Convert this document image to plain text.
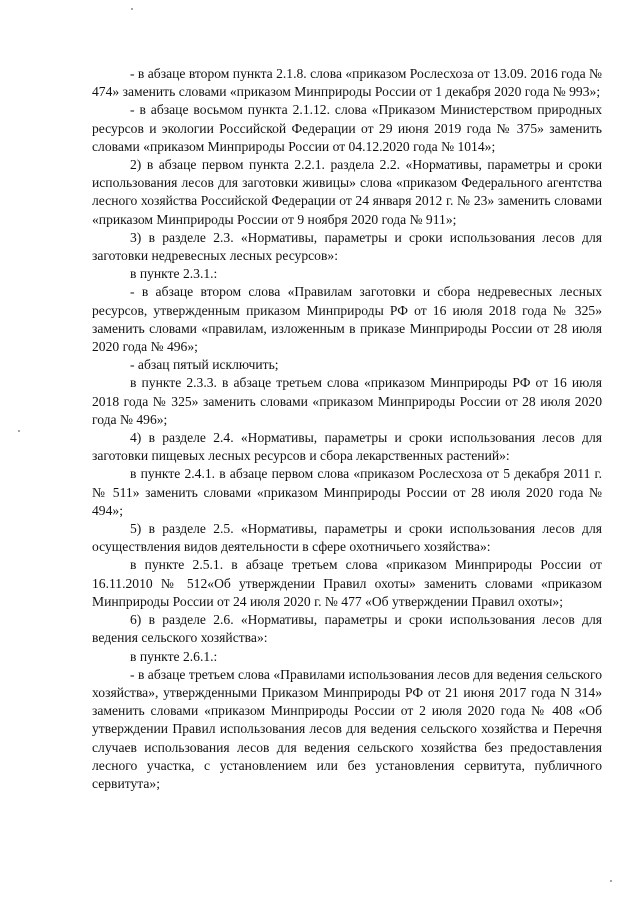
- в абзаце втором пункта 2.1.8. слова «приказом Рослесхоза от 13.09. 2016 года № 474» заменить словами «приказом Минприроды России от 1 декабря 2020 года № 993»;

- в абзаце восьмом пункта 2.1.12. слова «Приказом Министерством природных ресурсов и экологии Российской Федерации от 29 июня 2019 года № 375» заменить словами «приказом Минприроды России от 04.12.2020 года № 1014»;

2) в абзаце первом пункта 2.2.1. раздела 2.2. «Нормативы, параметры и сроки использования лесов для заготовки живицы» слова «приказом Федерального агентства лесного хозяйства Российской Федерации от 24 января 2012 г. № 23» заменить словами «приказом Минприроды России от 9 ноября 2020 года № 911»;

3) в разделе 2.3. «Нормативы, параметры и сроки использования лесов для заготовки недревесных лесных ресурсов»:

в пункте 2.3.1.:

- в абзаце втором слова «Правилам заготовки и сбора недревесных лесных ресурсов, утвержденным приказом Минприроды РФ от 16 июля 2018 года № 325» заменить словами «правилам, изложенным в приказе Минприроды России от 28 июля 2020 года № 496»;

- абзац пятый исключить;

в пункте 2.3.3. в абзаце третьем слова «приказом Минприроды РФ от 16 июля 2018 года № 325» заменить словами «приказом Минприроды России от 28 июля 2020 года № 496»;

4) в разделе 2.4. «Нормативы, параметры и сроки использования лесов для заготовки пищевых лесных ресурсов и сбора лекарственных растений»:

в пункте 2.4.1. в абзаце первом слова «приказом Рослесхоза от 5 декабря 2011 г. № 511» заменить словами «приказом Минприроды России от 28 июля 2020 года № 494»;

5) в разделе 2.5. «Нормативы, параметры и сроки использования лесов для осуществления видов деятельности в сфере охотничьего хозяйства»:

в пункте 2.5.1. в абзаце третьем слова «приказом Минприроды России от 16.11.2010 № 512«Об утверждении Правил охоты» заменить словами «приказом Минприроды России от 24 июля 2020 г. № 477 «Об утверждении Правил охоты»;

6) в разделе 2.6. «Нормативы, параметры и сроки использования лесов для ведения сельского хозяйства»:

в пункте 2.6.1.:

- в абзаце третьем слова «Правилами использования лесов для ведения сельского хозяйства», утвержденными Приказом Минприроды РФ от 21 июня 2017 года N 314» заменить словами «приказом Минприроды России от 2 июля 2020 года № 408 «Об утверждении Правил использования лесов для ведения сельского хозяйства и Перечня случаев использования лесов для ведения сельского хозяйства без предоставления лесного участка, с установлением или без установления сервитута, публичного сервитута»;
